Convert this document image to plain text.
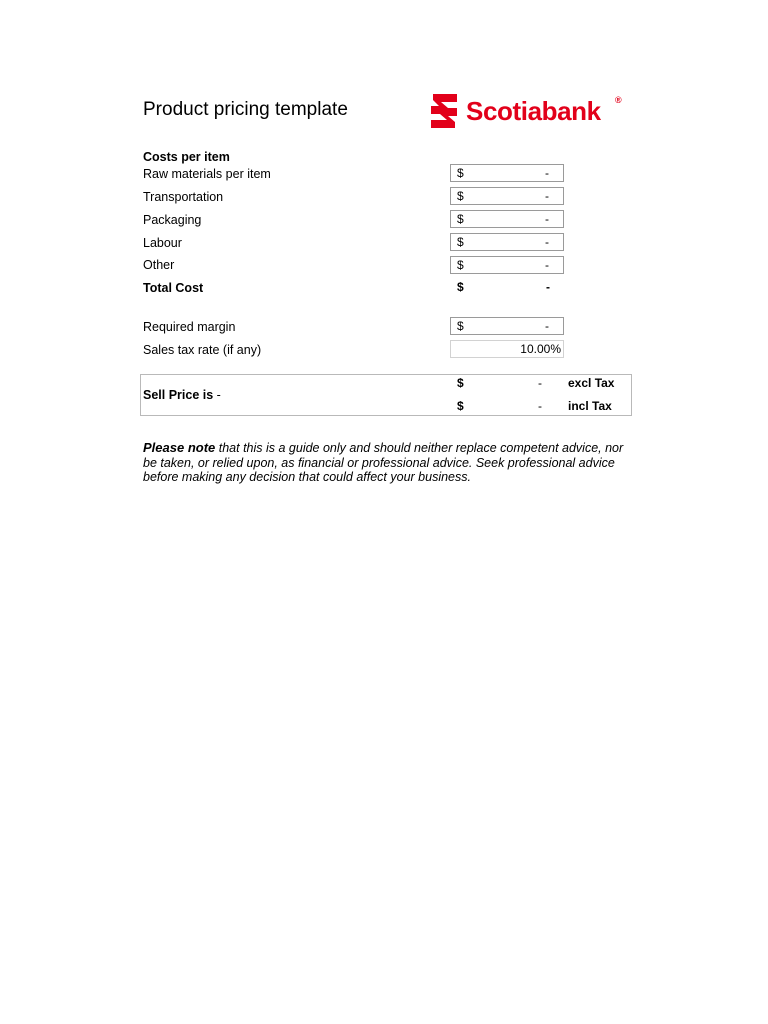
Product pricing template	Scotiabank ®
Costs per item
Raw materials per item	$	-
Transportation	$	-
Packaging	$	-
Labour	$	-
Other	$	-
Total Cost	$	-
Required margin	$	-
Sales tax rate (if any)	10.00%
Sell Price is -
$	- excl Tax
$	- incl Tax
Please note that this is a guide only and should neither replace competent advice, nor be taken, or relied upon, as financial or professional advice. Seek professional advice before making any decision that could affect your business.
